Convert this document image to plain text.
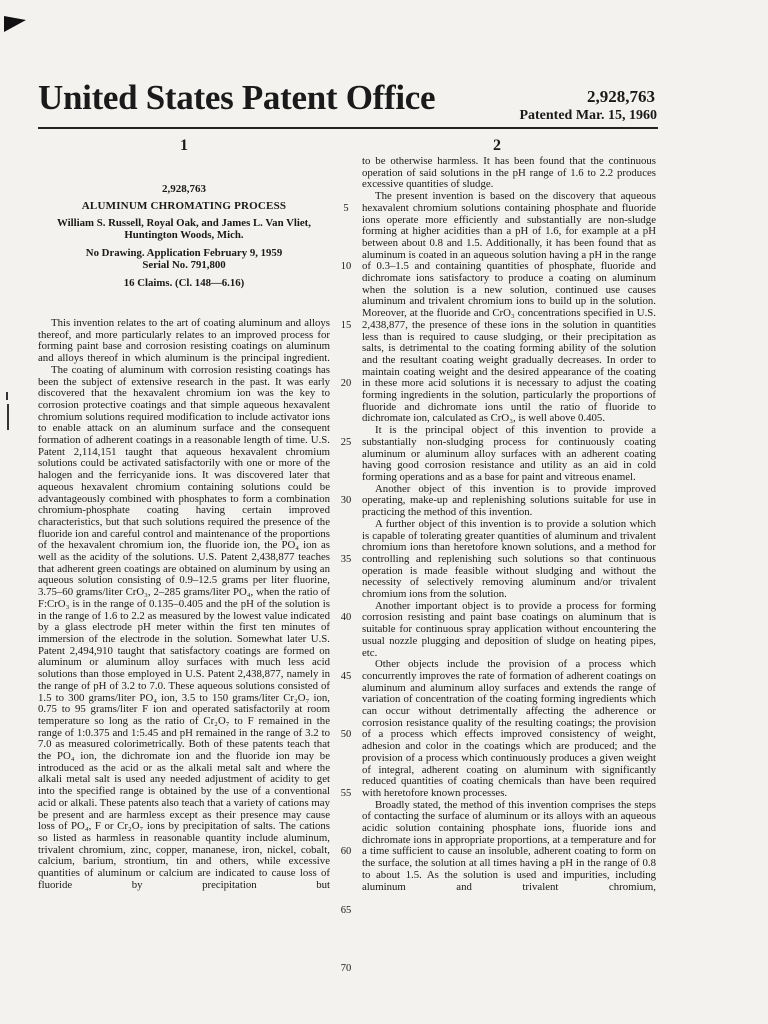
United States Patent Office	2,928,763
Patented Mar. 15, 1960
1	2
2,928,763
ALUMINUM CHROMATING PROCESS
William S. Russell, Royal Oak, and James L. Van Vliet, Huntington Woods, Mich.
No Drawing. Application February 9, 1959
Serial No. 791,800
16 Claims. (Cl. 148—6.16)

This invention relates to the art of coating aluminum and alloys thereof, and more particularly relates to an improved process for forming paint base and corrosion resisting coatings on aluminum and alloys thereof in which aluminum is the principal ingredient.

The coating of aluminum with corrosion resisting coatings has been the subject of extensive research in the past. It was early discovered that the hexavalent chromium ion was the key to corrosion protective coatings and that simple aqueous hexavalent chromium solutions required modification to include activator ions to enable attack on an aluminum surface and the consequent formation of adherent coatings in a reasonable length of time. U.S. Patent 2,114,151 taught that aqueous hexavalent chromium solutions could be activated satisfactorily with one or more of the halogen and the ferricyanide ions. It was discovered later that aqueous hexavalent chromium containing solutions could be advantageously combined with phosphates to form a combination chromium-phosphate coating having certain improved characteristics, but that such solutions required the presence of the fluoride ion and careful control and maintenance of the proportions of the hexavalent chromium ion, the fluoride ion, the PO₄ ion as well as the acidity of the solutions. U.S. Patent 2,438,877 teaches that adherent green coatings are obtained on aluminum by using an aqueous solution consisting of 0.9–12.5 grams per liter fluorine, 3.75–60 grams/liter CrO₃, 2–285 grams/liter PO₄, when the ratio of F:CrO₃ is in the range of 0.135–0.405 and the pH of the solution is in the range of 1.6 to 2.2 as measured by the lowest value indicated by a glass electrode pH meter within the first ten minutes of immersion of the electrode in the solution. Somewhat later U.S. Patent 2,494,910 taught that satisfactory coatings are formed on aluminum or aluminum alloy surfaces with much less acid solutions than those employed in U.S. Patent 2,438,877, namely in the range of pH of 3.2 to 7.0. These aqueous solutions consisted of 1.5 to 300 grams/liter PO₄ ion, 3.5 to 150 grams/liter Cr₂O₇ ion, 0.75 to 95 grams/liter F ion and operated satisfactorily at room temperature so long as the ratio of Cr₂O₇ to F remained in the range of 1:0.375 and 1:5.45 and pH remained in the range of 3.2 to 7.0 as measured colorimetrically. Both of these patents teach that the PO₄ ion, the dichromate ion and the fluoride ion may be introduced as the acid or as the alkali metal salt and where the alkali metal salt is used any needed adjustment of acidity to get into the specified range is obtained by the use of a conventional acid or alkali. These patents also teach that a variety of cations may be present and are harmless except as their presence may cause loss of PO₄, F or Cr₂O₇ ions by precipitation of salts. The cations so listed as harmless in reasonable quantity include aluminum, trivalent chromium, zinc, copper, mananese, iron, nickel, cobalt, calcium, barium, strontium, tin and others, while excessive quantities of aluminum or calcium are indicated to cause loss of fluoride by precipitation but

5
10
15
20
25
30
35
40
45
50
55
60
65
70

to be otherwise harmless. It has been found that the continuous operation of said solutions in the pH range of 1.6 to 2.2 produces excessive quantities of sludge.

The present invention is based on the discovery that aqueous hexavalent chromium solutions containing phosphate and fluoride ions operate more efficiently and substantially are non-sludge forming at higher acidities than a pH of 1.6, for example at a pH between about 0.8 and 1.5. Additionally, it has been found that as aluminum is coated in an aqueous solution having a pH in the range of 0.3–1.5 and containing quantities of phosphate, fluoride and dichromate ions satisfactory to produce a coating on aluminum when the solution is a new solution, continued use causes aluminum and trivalent chromium ions to build up in the solution. Moreover, at the fluoride and CrO₃ concentrations specified in U.S. 2,438,877, the presence of these ions in the solution in quantities less than is required to cause sludging, or their precipitation as salts, is detrimental to the coating forming ability of the solution and the resultant coating weight gradually decreases. In order to maintain coating weight and the desired appearance of the coating in these more acid solutions it is necessary to adjust the coating forming ingredients in the solution, particularly the proportions of fluoride and dichromate ions until the ratio of fluoride to dichromate ion, calculated as CrO₃, is well above 0.405.

It is the principal object of this invention to provide a substantially non-sludging process for continuously coating aluminum or aluminum alloy surfaces with an adherent coating having good corrosion resistance and utility as an aid in cold forming operations and as a base for paint and vitreous enamel.

Another object of this invention is to provide improved operating, make-up and replenishing solutions suitable for use in practicing the method of this invention.

A further object of this invention is to provide a solution which is capable of tolerating greater quantities of aluminum and trivalent chromium ions than heretofore known solutions, and a method for controlling and replenishing such solutions so that continuous operation is made feasible without sludging and without the necessity of selectively removing aluminum and/or trivalent chromium ions from the solution.

Another important object is to provide a process for forming corrosion resisting and paint base coatings on aluminum that is suitable for continuous spray application without encountering the usual nozzle plugging and deposition of sludge on heating pipes, etc.

Other objects include the provision of a process which concurrently improves the rate of formation of adherent coatings on aluminum and aluminum alloy surfaces and extends the range of variation of concentration of the coating forming ingredients which can occur without detrimentally affecting the adherence or corrosion resistance quality of the resulting coatings; the provision of a process which effects improved consistency of weight, adhesion and color in the coatings which are produced; and the provision of a process which continuously produces a given weight of integral, adherent coating on aluminum with significantly reduced quantities of coating chemicals than have been required with heretofore known processes.

Broadly stated, the method of this invention comprises the steps of contacting the surface of aluminum or its alloys with an aqueous acidic solution containing phosphate ions, fluoride ions and dichromate ions in appropriate proportions, at a temperature and for a time sufficient to cause an insoluble, adherent coating to form on the surface, the solution at all times having a pH in the range of 0.8 to about 1.5. As the solution is used and impurities, including aluminum and trivalent chromium,
